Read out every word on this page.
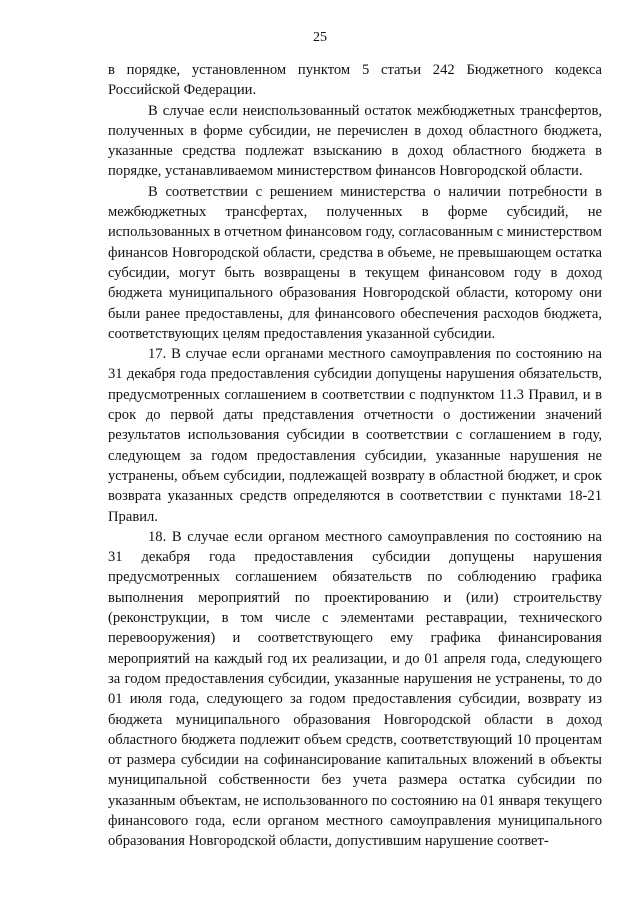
25

в порядке, установленном пунктом 5 статьи 242 Бюджетного кодекса Российской Федерации.

В случае если неиспользованный остаток межбюджетных трансфертов, полученных в форме субсидии, не перечислен в доход областного бюджета, указанные средства подлежат взысканию в доход областного бюджета в порядке, устанавливаемом министерством финансов Новгородской области.

В соответствии с решением министерства о наличии потребности в межбюджетных трансфертах, полученных в форме субсидий, не использованных в отчетном финансовом году, согласованным с министерством финансов Новгородской области, средства в объеме, не превышающем остатка субсидии, могут быть возвращены в текущем финансовом году в доход бюджета муниципального образования Новгородской области, которому они были ранее предоставлены, для финансового обеспечения расходов бюджета, соответствующих целям предоставления указанной субсидии.

17. В случае если органами местного самоуправления по состоянию на 31 декабря года предоставления субсидии допущены нарушения обязательств, предусмотренных соглашением в соответствии с подпунктом 11.3 Правил, и в срок до первой даты представления отчетности о достижении значений результатов использования субсидии в соответствии с соглашением в году, следующем за годом предоставления субсидии, указанные нарушения не устранены, объем субсидии, подлежащей возврату в областной бюджет, и срок возврата указанных средств определяются в соответствии с пунктами 18-21 Правил.

18. В случае если органом местного самоуправления по состоянию на 31 декабря года предоставления субсидии допущены нарушения предусмотренных соглашением обязательств по соблюдению графика выполнения мероприятий по проектированию и (или) строительству (реконструкции, в том числе с элементами реставрации, технического перевооружения) и соответствующего ему графика финансирования мероприятий на каждый год их реализации, и до 01 апреля года, следующего за годом предоставления субсидии, указанные нарушения не устранены, то до 01 июля года, следующего за годом предоставления субсидии, возврату из бюджета муниципального образования Новгородской области в доход областного бюджета подлежит объем средств, соответствующий 10 процентам от размера субсидии на софинансирование капитальных вложений в объекты муниципальной собственности без учета размера остатка субсидии по указанным объектам, не использованного по состоянию на 01 января текущего финансового года, если органом местного самоуправления муниципального образования Новгородской области, допустившим нарушение соответ-
